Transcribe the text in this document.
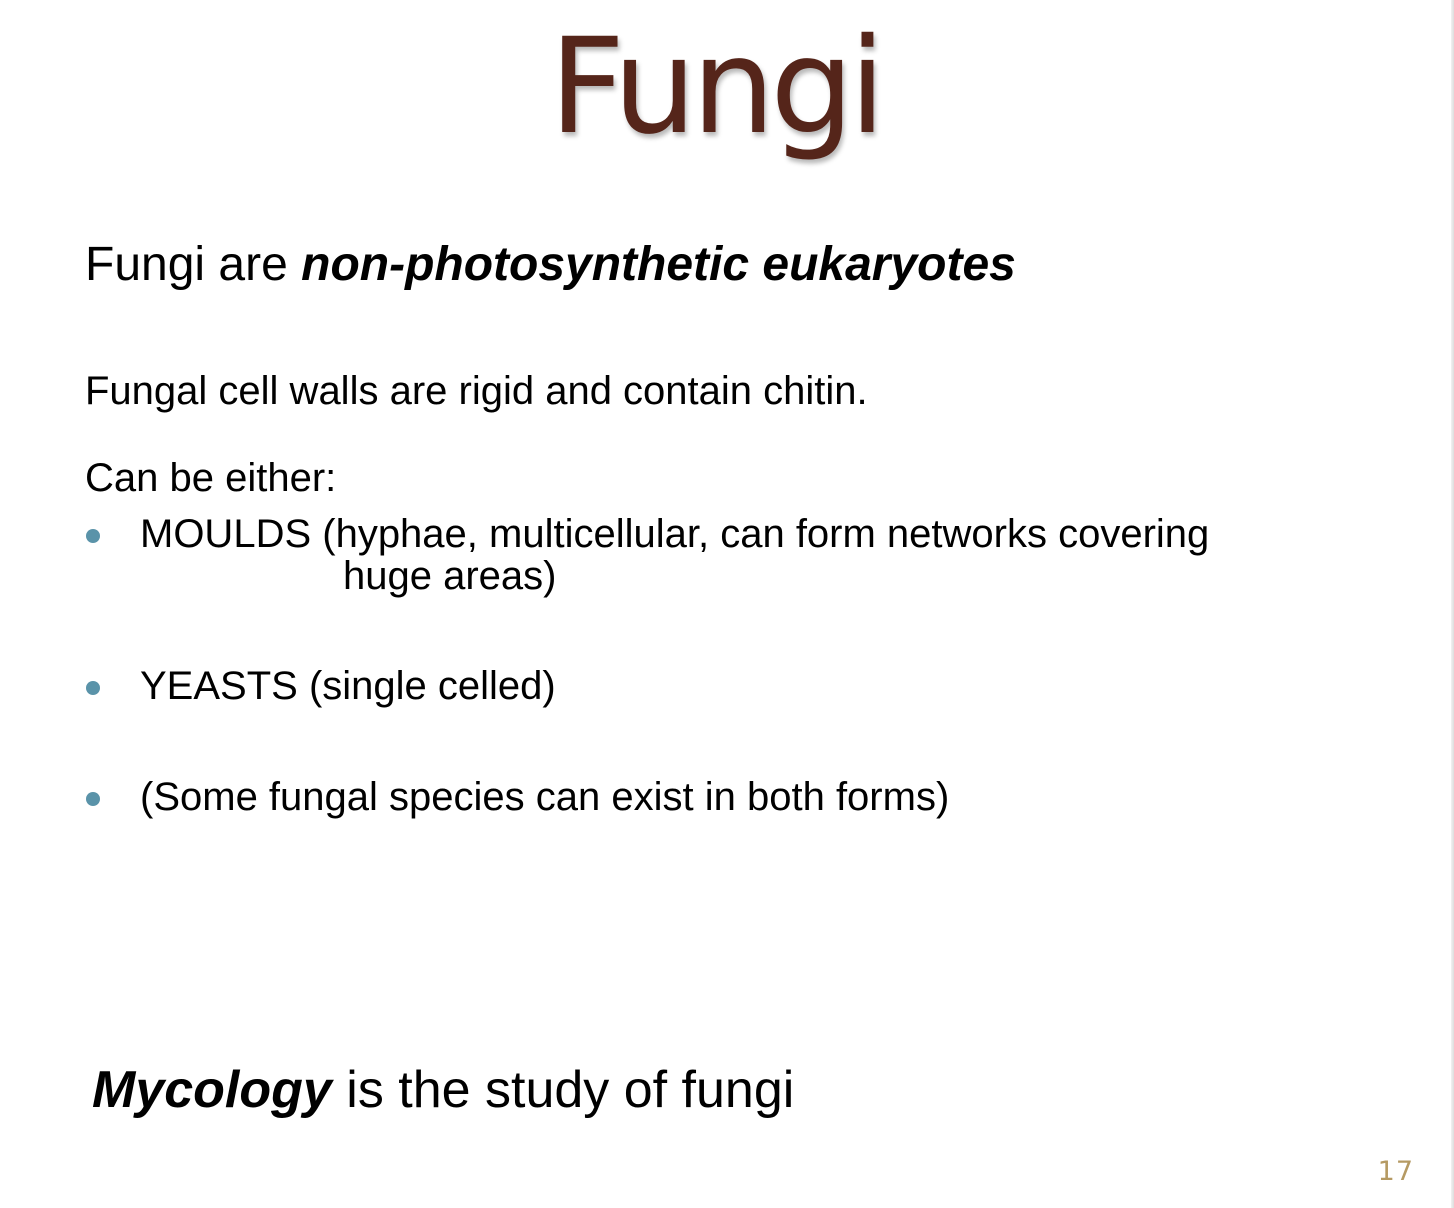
Fungi
Fungi are non-photosynthetic eukaryotes
Fungal cell walls are rigid and contain chitin.
Can be either:
MOULDS (hyphae, multicellular, can form networks covering
huge areas)
YEASTS (single celled)
(Some fungal species can exist in both forms)
Mycology is the study of fungi
17
